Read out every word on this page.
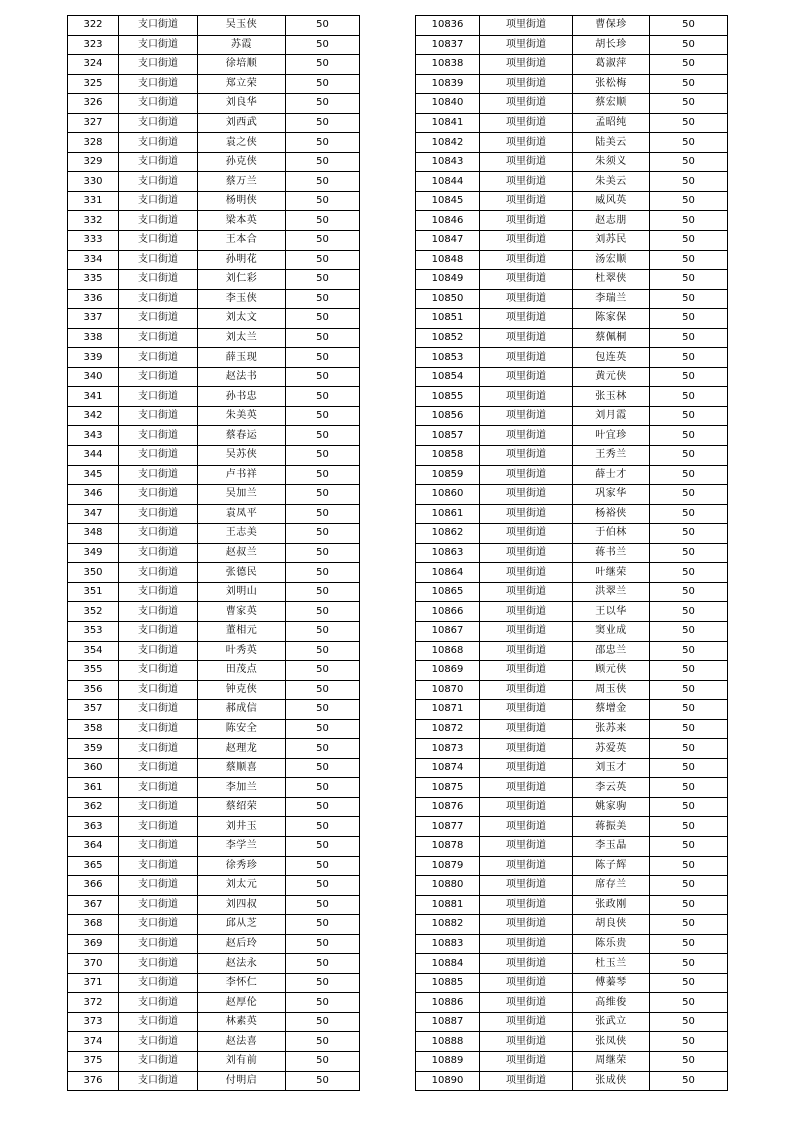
322	支口街道	吴玉侠	50
323	支口街道	苏霞	50
324	支口街道	徐培顺	50
325	支口街道	郑立荣	50
326	支口街道	刘良华	50
327	支口街道	刘西武	50
328	支口街道	袁之侠	50
329	支口街道	孙克侠	50
330	支口街道	蔡万兰	50
331	支口街道	杨明侠	50
332	支口街道	梁本英	50
333	支口街道	王本合	50
334	支口街道	孙明花	50
335	支口街道	刘仁彩	50
336	支口街道	李玉侠	50
337	支口街道	刘太文	50
338	支口街道	刘太兰	50
339	支口街道	薛玉现	50
340	支口街道	赵法书	50
341	支口街道	孙书忠	50
342	支口街道	朱美英	50
343	支口街道	蔡春运	50
344	支口街道	吴苏侠	50
345	支口街道	卢书祥	50
346	支口街道	吴加兰	50
347	支口街道	袁凤平	50
348	支口街道	王志美	50
349	支口街道	赵叔兰	50
350	支口街道	张德民	50
351	支口街道	刘明山	50
352	支口街道	曹家英	50
353	支口街道	董相元	50
354	支口街道	叶秀英	50
355	支口街道	田茂点	50
356	支口街道	钟克侠	50
357	支口街道	郝成信	50
358	支口街道	陈安全	50
359	支口街道	赵理龙	50
360	支口街道	蔡顺喜	50
361	支口街道	李加兰	50
362	支口街道	蔡绍荣	50
363	支口街道	刘井玉	50
364	支口街道	李学兰	50
365	支口街道	徐秀珍	50
366	支口街道	刘太元	50
367	支口街道	刘四叔	50
368	支口街道	邱从芝	50
369	支口街道	赵后玲	50
370	支口街道	赵法永	50
371	支口街道	李怀仁	50
372	支口街道	赵厚伦	50
373	支口街道	林素英	50
374	支口街道	赵法喜	50
375	支口街道	刘有前	50
376	支口街道	付明启	50
10836	项里街道	曹保珍	50
10837	项里街道	胡长珍	50
10838	项里街道	葛淑萍	50
10839	项里街道	张松梅	50
10840	项里街道	蔡宏顺	50
10841	项里街道	孟昭纯	50
10842	项里街道	陆美云	50
10843	项里街道	朱须义	50
10844	项里街道	朱美云	50
10845	项里街道	威风英	50
10846	项里街道	赵志朋	50
10847	项里街道	刘苏民	50
10848	项里街道	汤宏顺	50
10849	项里街道	杜翠侠	50
10850	项里街道	李瑞兰	50
10851	项里街道	陈家保	50
10852	项里街道	蔡佩桐	50
10853	项里街道	包连英	50
10854	项里街道	黄元侠	50
10855	项里街道	张玉林	50
10856	项里街道	刘月霞	50
10857	项里街道	叶宜珍	50
10858	项里街道	王秀兰	50
10859	项里街道	薛士才	50
10860	项里街道	巩家华	50
10861	项里街道	杨裕侠	50
10862	项里街道	于伯林	50
10863	项里街道	蒋书兰	50
10864	项里街道	叶继荣	50
10865	项里街道	洪翠兰	50
10866	项里街道	王以华	50
10867	项里街道	窦业成	50
10868	项里街道	邵忠兰	50
10869	项里街道	顾元侠	50
10870	项里街道	周玉侠	50
10871	项里街道	蔡增金	50
10872	项里街道	张苏来	50
10873	项里街道	苏爱英	50
10874	项里街道	刘玉才	50
10875	项里街道	李云英	50
10876	项里街道	姚家驹	50
10877	项里街道	蒋振美	50
10878	项里街道	李玉晶	50
10879	项里街道	陈子辉	50
10880	项里街道	席存兰	50
10881	项里街道	张政刚	50
10882	项里街道	胡良侠	50
10883	项里街道	陈乐贵	50
10884	项里街道	杜玉兰	50
10885	项里街道	傅蓁琴	50
10886	项里街道	高维俊	50
10887	项里街道	张武立	50
10888	项里街道	张凤侠	50
10889	项里街道	周继荣	50
10890	项里街道	张成侠	50
